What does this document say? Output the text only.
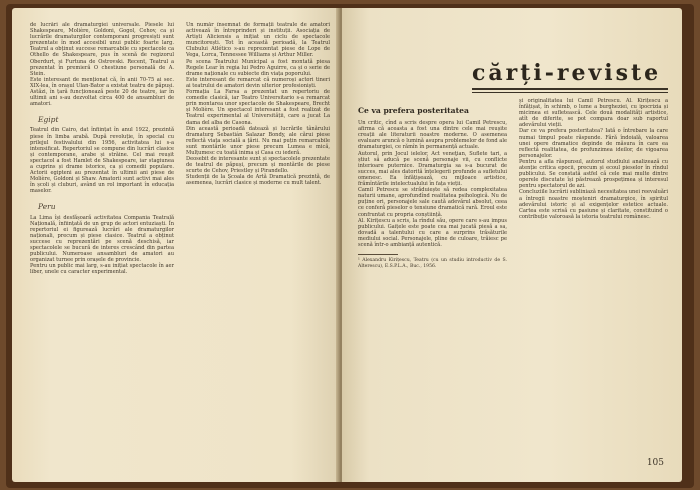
de lucrări ale dramaturgiei universale. Piesele lui Shakespeare, Molière, Goldoni, Gogol, Cehov, ca și lucrările dramaturgilor contemporani progresiști sunt prezentate în mod accesibil unui public foarte larg. Teatrul a obținut succese remarcabile cu spectacole ca Othello de Shakespeare, pus în scenă de regizorul Oberdurt, și Furtuna de Ostrovski. Recent, Teatrul a prezentat în premieră O chestiune personală de A. Stein.
Este interesant de menționat că, în anii 70-75 ai sec. XIX-lea, în orașul Ulan-Bator a existat teatru de păpuși. Astăzi, în țară funcționează peste 20 de teatre, iar în ultimii ani s-au dezvoltat circa 400 de ansambluri de amatori.

Egipt

Teatrul din Cairo, dat înființat în anul 1922, prezintă piese în limba arabă. După revoluție, în special cu prilejul festivalului din 1956, activitatea lui s-a intensificat. Repertoriul se compune din lucrări clasice și contemporane, arabe și străine. Cel mai reușit spectacol a fost Hamlet de Shakespeare, iar stagiunea a cuprins și drame istorice, ca și comedii populare. Actorii egipteni au prezentat în ultimii ani piese de Molière, Goldoni și Shaw. Amatorii sunt activi mai ales în școli și cluburi, având un rol important în educația maselor.

Peru

La Lima își desfășoară activitatea Compania Teatrală Națională, înființată de un grup de actori entuziaști. În repertoriul ei figurează lucrări ale dramaturgilor naționali, precum și piese clasice. Teatrul a obținut succese cu reprezentări pe scenă deschisă, iar spectacolele se bucură de interes crescând din partea publicului. Numeroase ansambluri de amatori au organizat turnee prin orașele de provincie.
Pentru un public mai larg, s-au inițiat spectacole în aer liber, unele cu caracter experimental.

Un număr însemnat de formații teatrale de amatori activează în întreprinderi și instituții. Asociația de Artiști Aliciensis a inițiat un ciclu de spectacole muncitorești. Tot în această perioadă, la Teatrul Clubului Atlético s-au reprezentat piese de Lope de Vega, Lorca, Tennessee Williams și Arthur Miller.
Pe scena Teatrului Municipal a fost montată piesa Regele Lear în regia lui Pedro Aguirre, ca și o serie de drame naționale cu subiecte din viața poporului.
Este interesant de remarcat că numeroși actori tineri ai teatrului de amatori devin ulterior profesioniști.
Formația La Farsa a prezentat un repertoriu de comedie clasică, iar Teatro Universitario s-a remarcat prin montarea unor spectacole de Shakespeare, Brecht și Molière. Un spectacol interesant a fost realizat de Teatrul experimental al Universității, care a jucat La dama del alba de Casona.
Din această perioadă datează și lucrările tânărului dramaturg Sebastián Salazar Bondy, ale cărui piese reflectă viața socială a țării. Nu mai puțin remarcabile sunt montările unor piese precum Lumea e mică, Mulțumesc cu toată inima și Casa cu iederă.
Deosebit de interesante sunt și spectacolele prezentate de teatrul de păpuși, precum și montările de piese scurte de Cehov, Priestley și Pirandello.
Studenții de la Școala de Artă Dramatică prezintă, de asemenea, lucrări clasice și moderne cu mult talent.

cărți-reviste
Ce va prefera posteritatea

Un critic, cînd a scris despre opera lui Camil Petrescu, afirma că aceasta a fost una dintre cele mai reușite creații ale literaturii noastre moderne. O asemenea evaluare aruncă o lumină asupra problemelor de fond ale dramaturgiei, ce rămîn în permanență actuale.
Autorul, prin Jocul ielelor, Act veneţian, Suflete tari, a știut să aducă pe scenă personaje vii, cu conflicte interioare puternice. Dramaturgia sa s-a bucurat de succes, mai ales datorită înțelegerii profunde a sufletului omenesc. Ea înfățișează, cu mijloace artistice, frămîntările intelectualului în fața vieții.
Camil Petrescu se străduiește să redea complexitatea naturii umane, aprofundînd realitatea psihologică. Nu de puține ori, personajele sale caută adevărul absolut, ceea ce conferă pieselor o tensiune dramatică rară. Eroul este confruntat cu propria conștiință.
Al. Kirițescu a scris, la rîndul său, opere care s-au impus publicului. Gaițele este poate cea mai jucată piesă a sa, dovadă a talentului cu care a surprins trăsăturile mediului social. Personajele, pline de culoare, trăiesc pe scenă într-o ambianță autentică.

¹ Alexandru Kirițescu, Teatru (cu un studiu introductiv de S. Alterescu), E.S.P.L.A., Buc., 1956.

și originalitatea lui Camil Petrescu. Al. Kirițescu a înfățișat, în schimb, o lume a burgheziei, cu ipocrizia și micimea ei sufletească. Cele două modalități artistice, atît de diferite, se pot compara doar sub raportul adevărului vieții.
Dar ce va prefera posteritatea? Iată o întrebare la care numai timpul poate răspunde. Fără îndoială, valoarea unei opere dramatice depinde de măsura în care ea reflectă realitatea, de profunzimea ideilor, de vigoarea personajelor.
Pentru a afla răspunsul, autorul studiului analizează cu atenție critica epocii, precum și ecoul pieselor în rîndul publicului. Se constată astfel că cele mai multe dintre operele discutate își păstrează prospețimea și interesul pentru spectatorul de azi.
Concluziile lucrării subliniază necesitatea unei reevaluări a întregii noastre moșteniri dramaturgice, în spiritul adevărului istoric și al exigențelor estetice actuale. Cartea este scrisă cu pasiune și claritate, constituind o contribuție valoroasă la istoria teatrului românesc.

105
